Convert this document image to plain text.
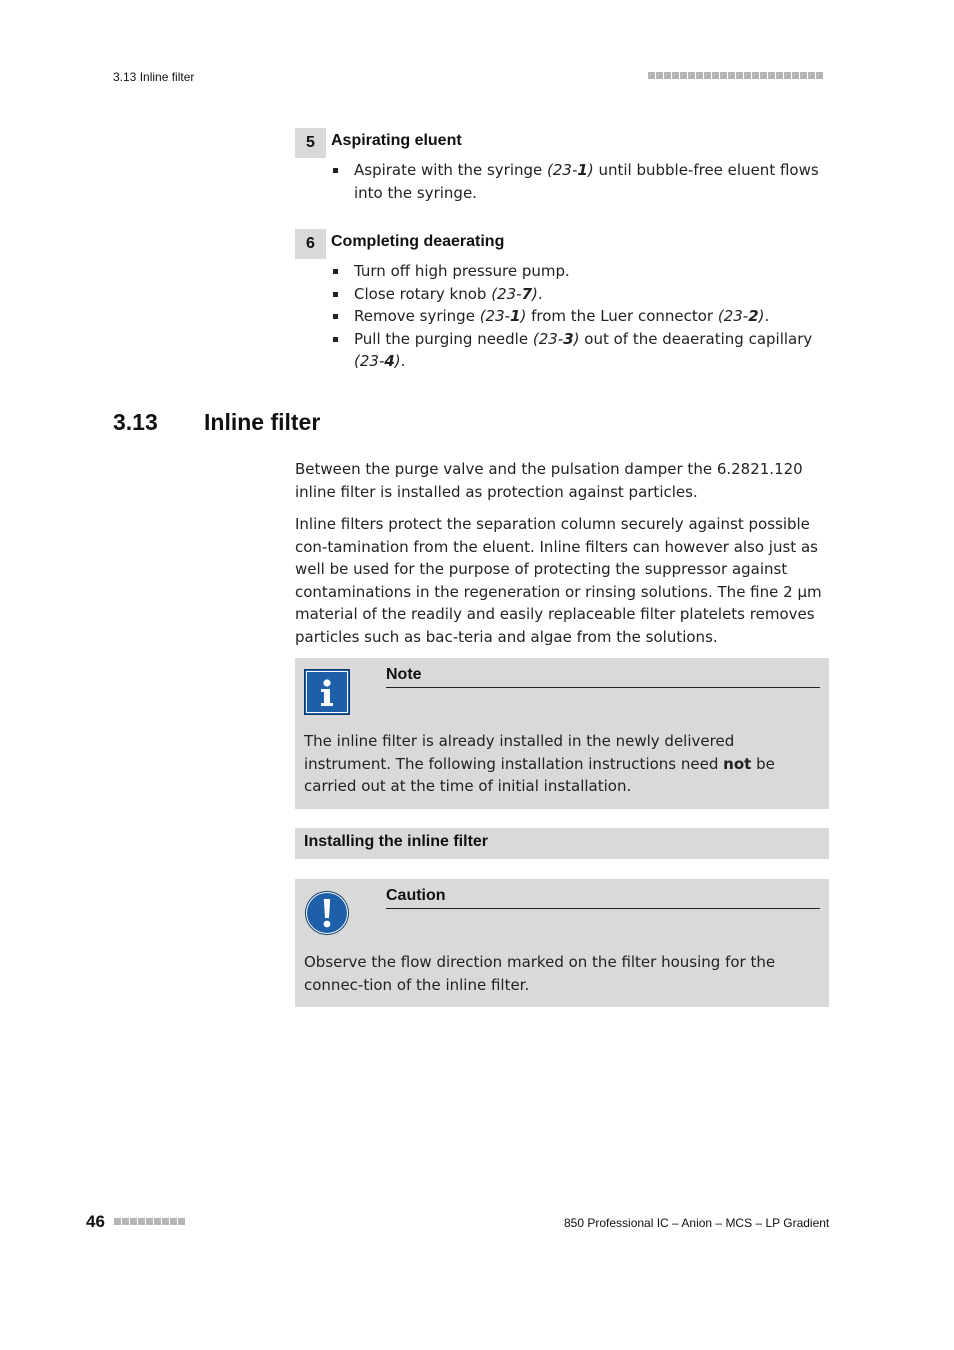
3.13 Inline filter
5	Aspirating eluent
Aspirate with the syringe (23-1) until bubble-free eluent flows into the syringe.
6	Completing deaerating
Turn off high pressure pump.
Close rotary knob (23-7).
Remove syringe (23-1) from the Luer connector (23-2).
Pull the purging needle (23-3) out of the deaerating capillary (23-4).
3.13 Inline filter

Between the purge valve and the pulsation damper the 6.2821.120 inline filter is installed as protection against particles.

Inline filters protect the separation column securely against possible con-tamination from the eluent. Inline filters can however also just as well be used for the purpose of protecting the suppressor against contaminations in the regeneration or rinsing solutions. The fine 2 µm material of the readily and easily replaceable filter platelets removes particles such as bac-teria and algae from the solutions.

Note

The inline filter is already installed in the newly delivered instrument. The following installation instructions need not be carried out at the time of initial installation.

Installing the inline filter
Caution

Observe the flow direction marked on the filter housing for the connec-tion of the inline filter.

46	850 Professional IC – Anion – MCS – LP Gradient
